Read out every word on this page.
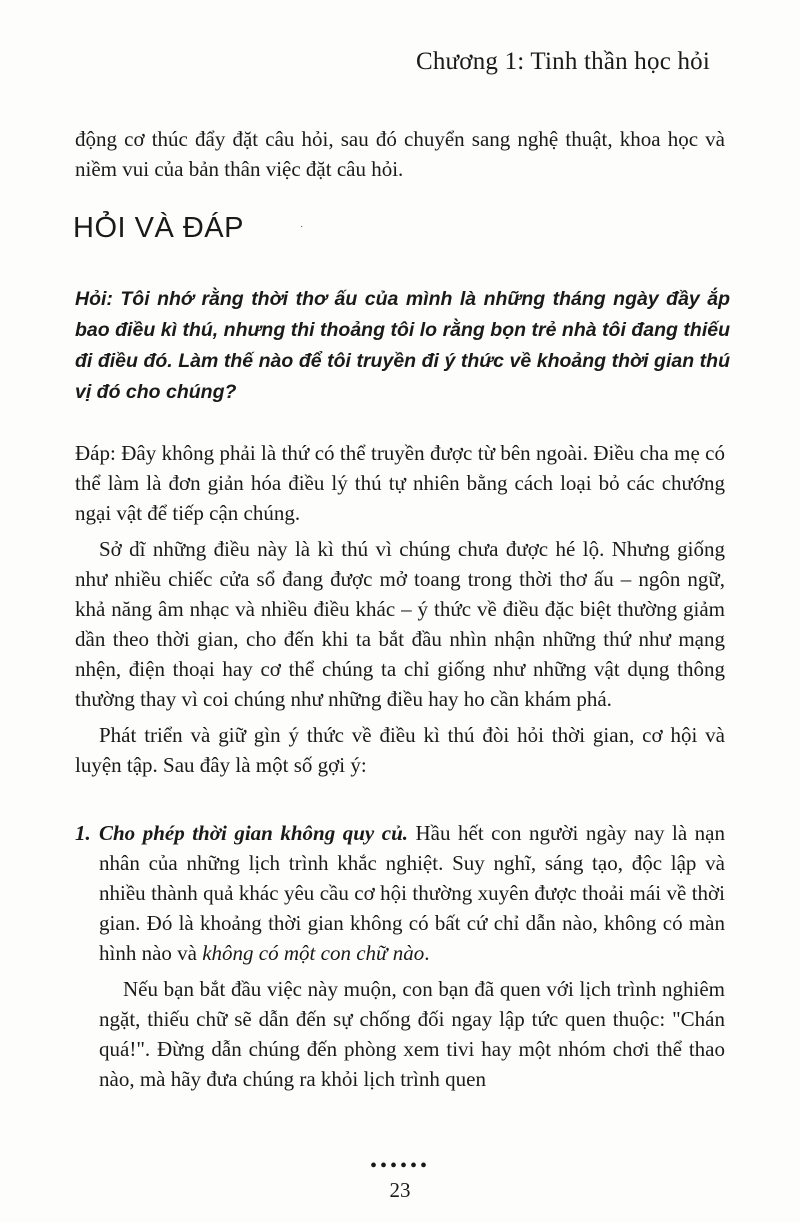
Chương 1: Tinh thần học hỏi

động cơ thúc đẩy đặt câu hỏi, sau đó chuyển sang nghệ thuật, khoa học và

niềm vui của bản thân việc đặt câu hỏi.

HỎI VÀ ĐÁP	˙
Hỏi: Tôi nhớ rằng thời thơ ấu của mình là những tháng ngày đầy ắp bao điều kì thú, nhưng thi thoảng tôi lo rằng bọn trẻ nhà tôi đang thiếu đi điều đó. Làm thế nào để tôi truyền đi ý thức về khoảng thời gian thú vị đó cho chúng?

Đáp: Đây không phải là thứ có thể truyền được từ bên ngoài. Điều cha mẹ có thể làm là đơn giản hóa điều lý thú tự nhiên bằng cách loại bỏ các chướng ngại vật để tiếp cận chúng.

Sở dĩ những điều này là kì thú vì chúng chưa được hé lộ. Nhưng giống như nhiều chiếc cửa sổ đang được mở toang trong thời thơ ấu – ngôn ngữ, khả năng âm nhạc và nhiều điều khác – ý thức về điều đặc biệt thường giảm dần theo thời gian, cho đến khi ta bắt đầu nhìn nhận những thứ như mạng nhện, điện thoại hay cơ thể chúng ta chỉ giống như những vật dụng thông thường thay vì coi chúng như những điều hay ho cần khám phá.

Phát triển và giữ gìn ý thức về điều kì thú đòi hỏi thời gian, cơ hội và luyện tập. Sau đây là một số gợi ý:

1. Cho phép thời gian không quy củ. Hầu hết con người ngày nay là nạn nhân của những lịch trình khắc nghiệt. Suy nghĩ, sáng tạo, độc lập và nhiều thành quả khác yêu cầu cơ hội thường xuyên được thoải mái về thời gian. Đó là khoảng thời gian không có bất cứ chỉ dẫn nào, không có màn hình nào và không có một con chữ nào.

Nếu bạn bắt đầu việc này muộn, con bạn đã quen với lịch trình nghiêm ngặt, thiếu chữ sẽ dẫn đến sự chống đối ngay lập tức quen thuộc: "Chán quá!". Đừng dẫn chúng đến phòng xem tivi hay một nhóm chơi thể thao nào, mà hãy đưa chúng ra khỏi lịch trình quen

••••••
23
